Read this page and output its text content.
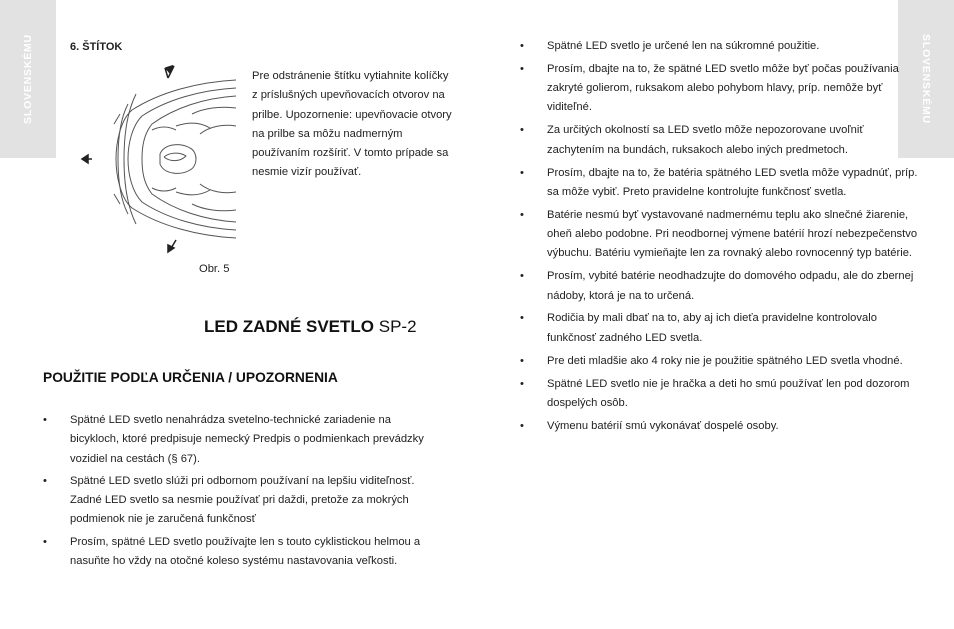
SLOVENSKÉMU	SLOVENSKÉMU
6. ŠTÍTOK
Pre odstránenie štítku vytiahnite kolíčky z príslušných upevňovacích otvorov na prilbe. Upozornenie: upevňovacie otvory na prilbe sa môžu nadmerným používaním rozšíriť. V tomto prípade sa nesmie vizír používať.
Obr. 5
LED ZADNÉ SVETLO SP-2
POUŽITIE PODĽA URČENIA / UPOZORNENIA
• Spätné LED svetlo nenahrádza svetelno-technické zariadenie na bicykloch, ktoré predpisuje nemecký Predpis o podmienkach prevádzky vozidiel na cestách (§ 67).
• Spätné LED svetlo slúži pri odbornom používaní na lepšiu viditeľnosť. Zadné LED svetlo sa nesmie používať pri daždi, pretože za mokrých podmienok nie je zaručená funkčnosť
• Prosím, spätné LED svetlo používajte len s touto cyklistickou helmou a nasuňte ho vždy na otočné koleso systému nastavovania veľkosti.
• Spätné LED svetlo je určené len na súkromné použitie.
• Prosím, dbajte na to, že spätné LED svetlo môže byť počas používania zakryté golierom, ruksakom alebo pohybom hlavy, príp. nemôže byť viditeľné.
• Za určitých okolností sa LED svetlo môže nepozorovane uvoľniť zachytením na bundách, ruksakoch alebo iných predmetoch.
• Prosím, dbajte na to, že batéria spätného LED svetla môže vypadnúť, príp. sa môže vybiť. Preto pravidelne kontrolujte funkčnosť svetla.
• Batérie nesmú byť vystavované nadmernému teplu ako slnečné žiarenie, oheň alebo podobne. Pri neodbornej výmene batérií hrozí nebezpečenstvo výbuchu. Batériu vymieňajte len za rovnaký alebo rovnocenný typ batérie.
• Prosím, vybité batérie neodhadzujte do domového odpadu, ale do zbernej nádoby, ktorá je na to určená.
• Rodičia by mali dbať na to, aby aj ich dieťa pravidelne kontrolovalo funkčnosť zadného LED svetla.
• Pre deti mladšie ako 4 roky nie je použitie spätného LED svetla vhodné.
• Spätné LED svetlo nie je hračka a deti ho smú používať len pod dozorom dospelých osôb.
• Výmenu batérií smú vykonávať dospelé osoby.
